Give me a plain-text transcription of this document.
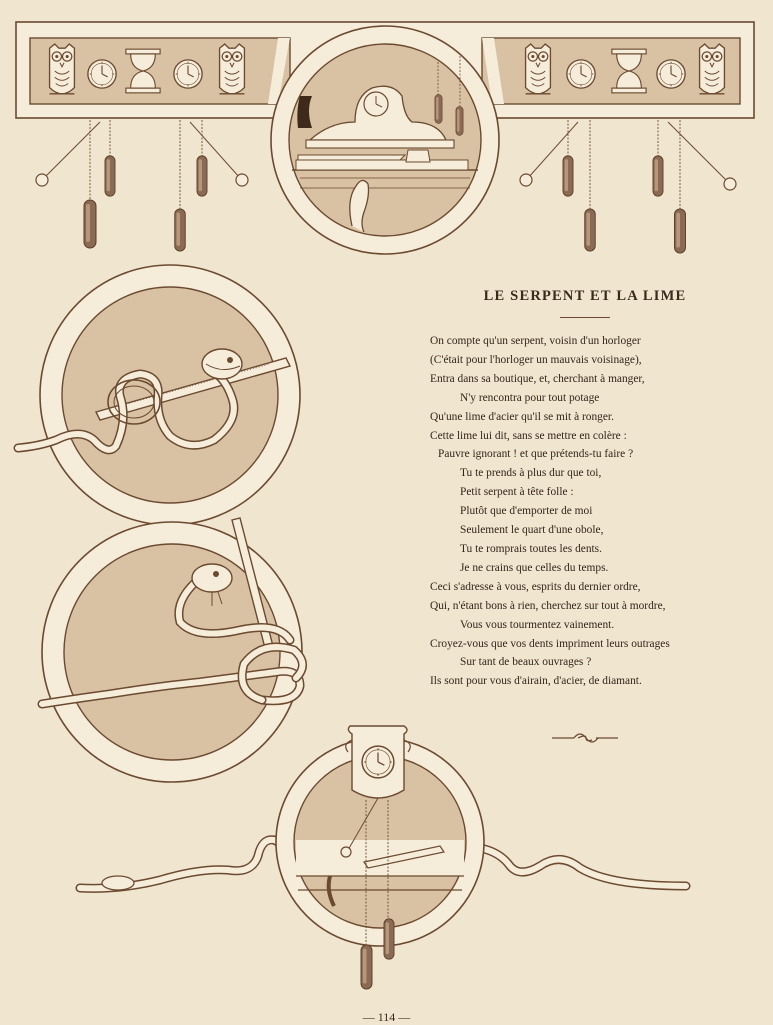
LE SERPENT ET LA LIME
On compte qu'un serpent, voisin d'un horloger
(C'était pour l'horloger un mauvais voisinage),
Entra dans sa boutique, et, cherchant à manger,
N'y rencontra pour tout potage
Qu'une lime d'acier qu'il se mit à ronger.
Cette lime lui dit, sans se mettre en colère :
Pauvre ignorant ! et que prétends-tu faire ?
Tu te prends à plus dur que toi,
Petit serpent à tête folle :
Plutôt que d'emporter de moi
Seulement le quart d'une obole,
Tu te romprais toutes les dents.
Je ne crains que celles du temps.
Ceci s'adresse à vous, esprits du dernier ordre,
Qui, n'étant bons à rien, cherchez sur tout à mordre,
Vous vous tourmentez vainement.
Croyez-vous que vos dents impriment leurs outrages
Sur tant de beaux ouvrages ?
Ils sont pour vous d'airain, d'acier, de diamant.
— 114 —
